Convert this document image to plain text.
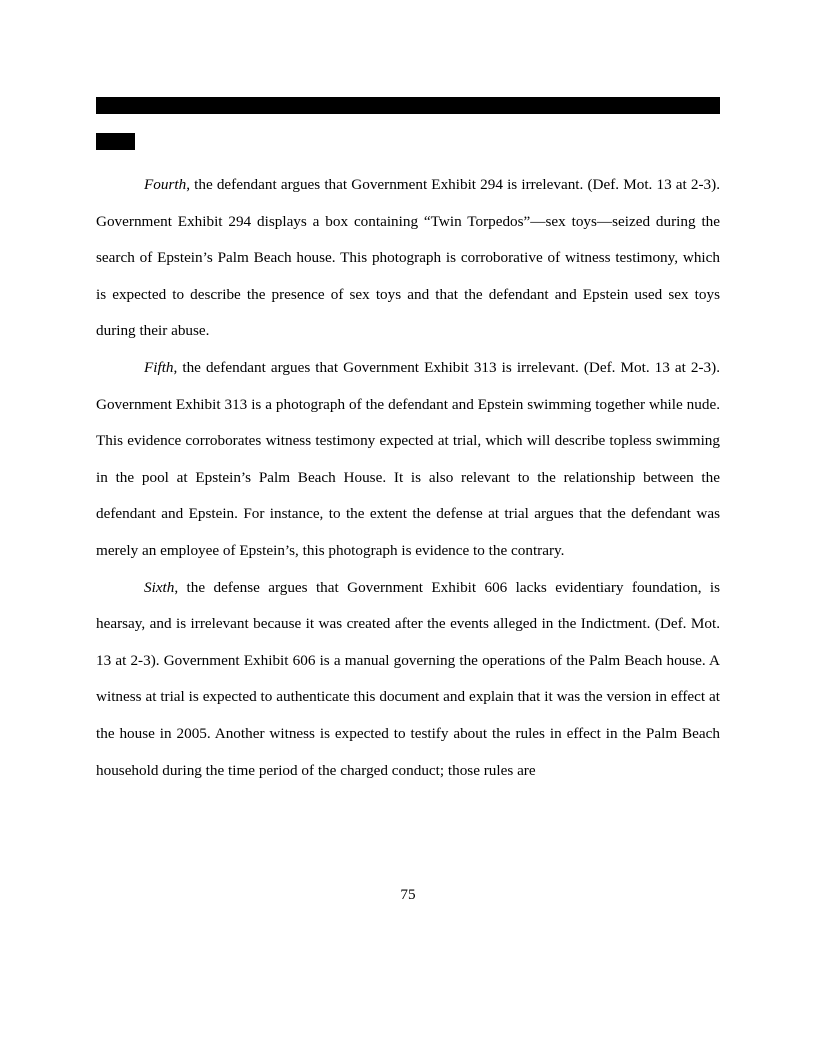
Fourth, the defendant argues that Government Exhibit 294 is irrelevant. (Def. Mot. 13 at 2-3). Government Exhibit 294 displays a box containing “Twin Torpedos”—sex toys—seized during the search of Epstein’s Palm Beach house. This photograph is corroborative of witness testimony, which is expected to describe the presence of sex toys and that the defendant and Epstein used sex toys during their abuse.

Fifth, the defendant argues that Government Exhibit 313 is irrelevant. (Def. Mot. 13 at 2-3). Government Exhibit 313 is a photograph of the defendant and Epstein swimming together while nude. This evidence corroborates witness testimony expected at trial, which will describe topless swimming in the pool at Epstein’s Palm Beach House. It is also relevant to the relationship between the defendant and Epstein. For instance, to the extent the defense at trial argues that the defendant was merely an employee of Epstein’s, this photograph is evidence to the contrary.

Sixth, the defense argues that Government Exhibit 606 lacks evidentiary foundation, is hearsay, and is irrelevant because it was created after the events alleged in the Indictment. (Def. Mot. 13 at 2-3). Government Exhibit 606 is a manual governing the operations of the Palm Beach house. A witness at trial is expected to authenticate this document and explain that it was the version in effect at the house in 2005. Another witness is expected to testify about the rules in effect in the Palm Beach household during the time period of the charged conduct; those rules are

75
